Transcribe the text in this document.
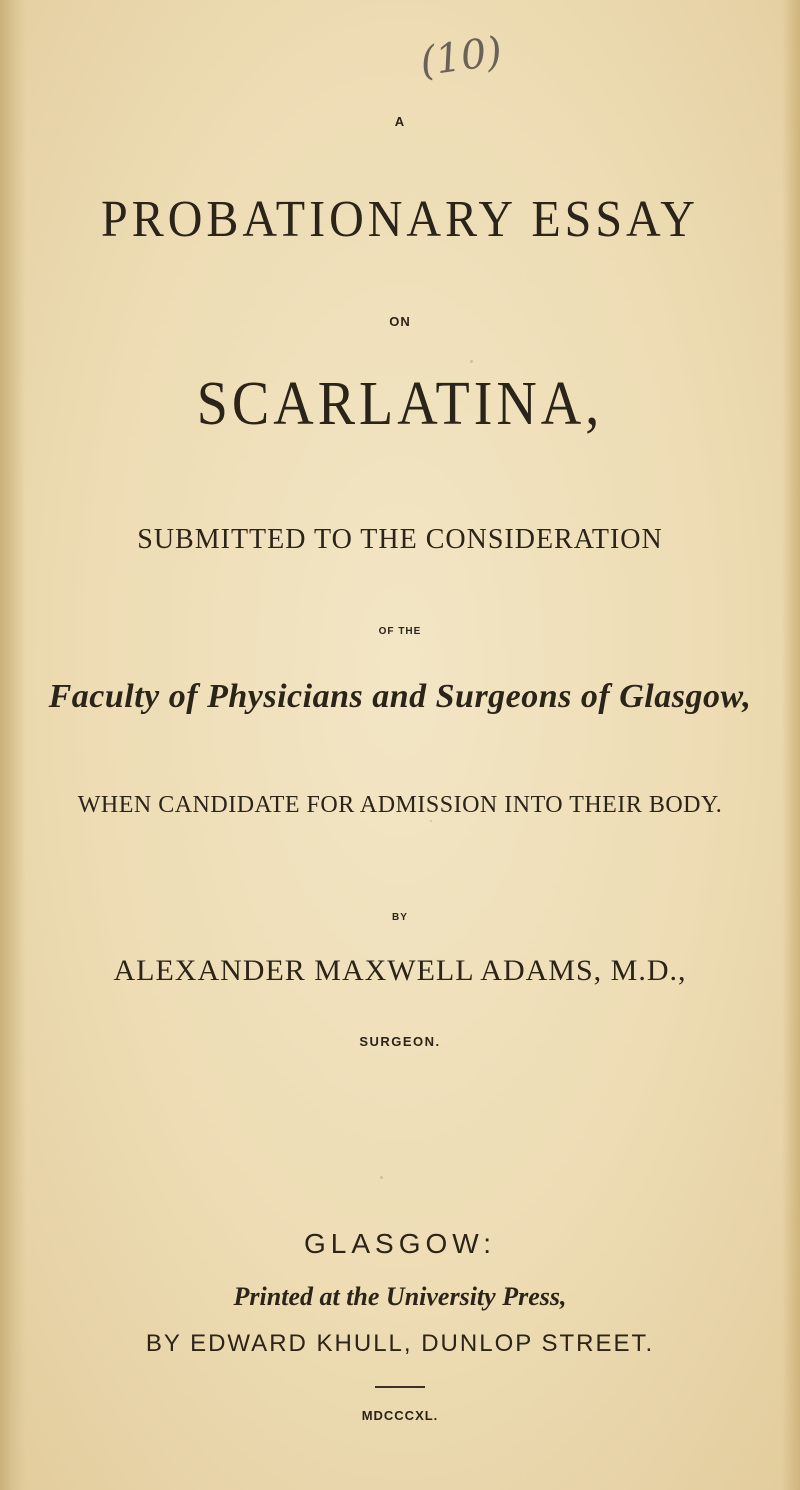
(10)
A
PROBATIONARY ESSAY
ON
SCARLATINA,
SUBMITTED TO THE CONSIDERATION
OF THE
Faculty of Physicians and Surgeons of Glasgow,
WHEN CANDIDATE FOR ADMISSION INTO THEIR BODY.
BY
ALEXANDER MAXWELL ADAMS, M.D.,
SURGEON.
GLASGOW:
Printed at the University Press,
BY EDWARD KHULL, DUNLOP STREET.
MDCCCXL.
